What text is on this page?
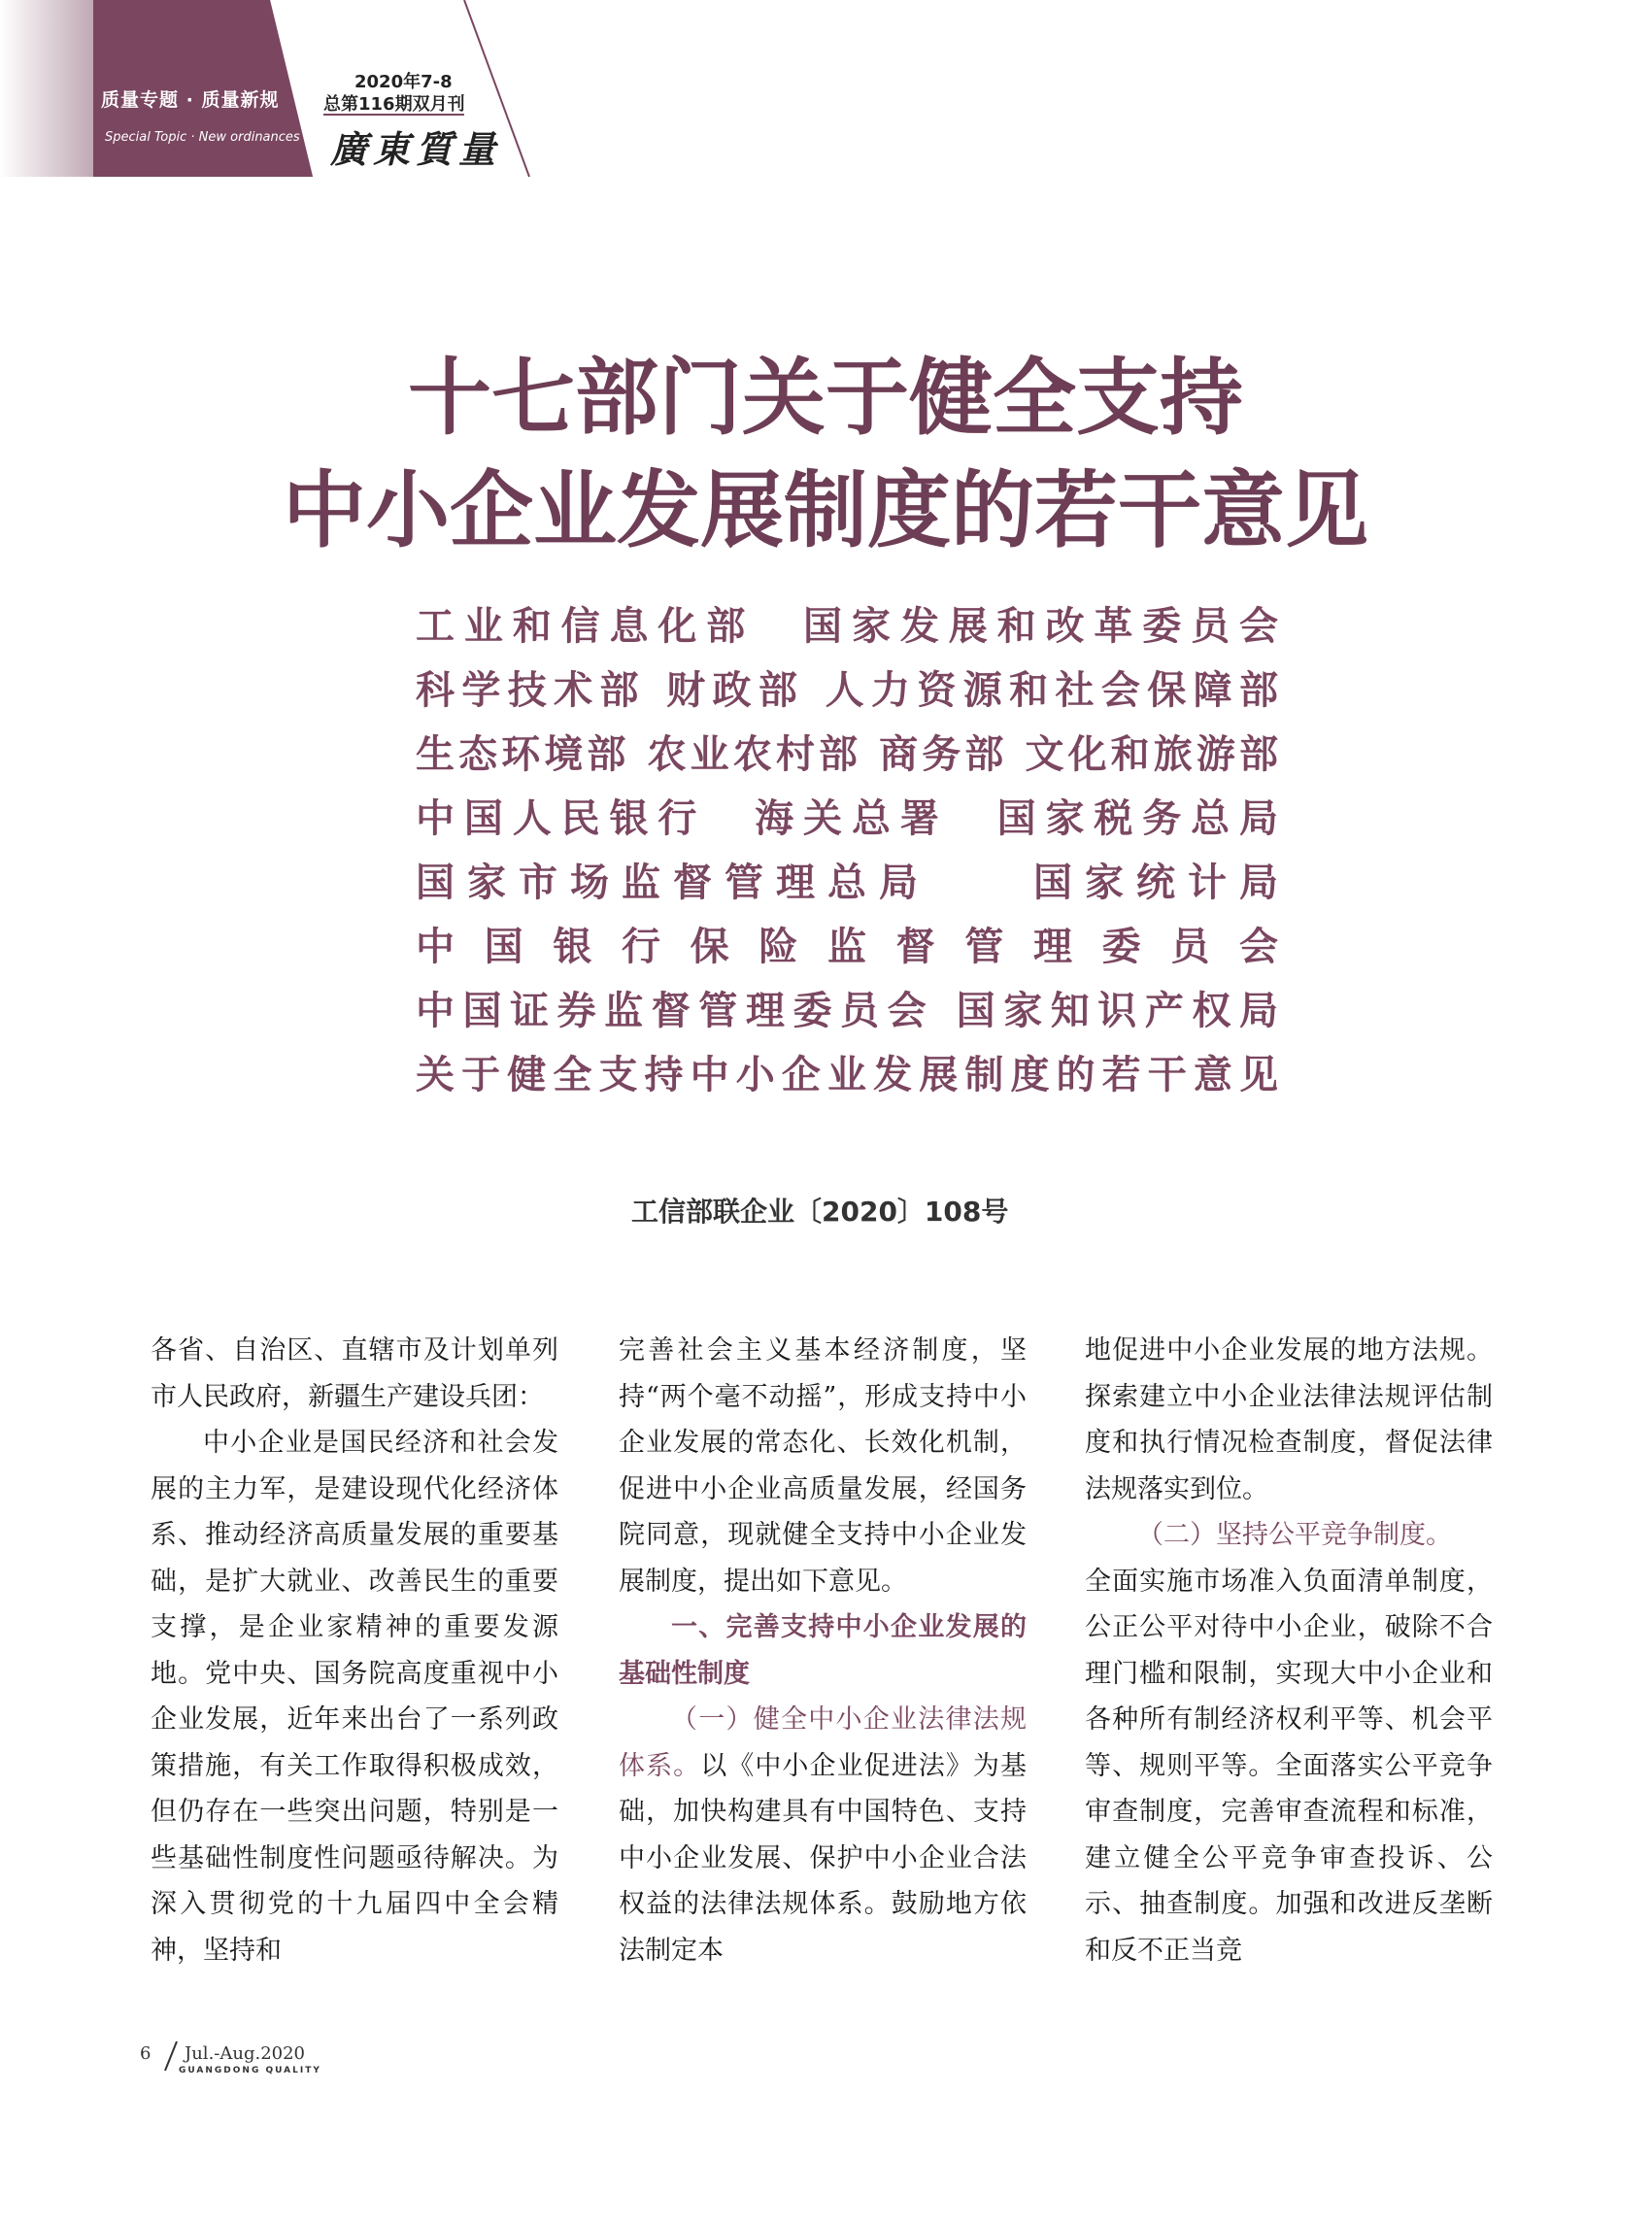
质量专题 · 质量新规
Special Topic · New ordinances
2020年7-8
总第116期双月刊
廣東質量
十七部门关于健全支持
中小企业发展制度的若干意见
工业和信息化部　国家发展和改革委员会
科学技术部 财政部 人力资源和社会保障部
生态环境部 农业农村部 商务部 文化和旅游部
中国人民银行　海关总署　国家税务总局
国家市场监督管理总局　　国家统计局
中国银行保险监督管理委员会
中国证券监督管理委员会 国家知识产权局
关于健全支持中小企业发展制度的若干意见
工信部联企业〔2020〕108号

各省、自治区、直辖市及计划单列市人民政府，新疆生产建设兵团：

中小企业是国民经济和社会发展的主力军，是建设现代化经济体系、推动经济高质量发展的重要基础，是扩大就业、改善民生的重要支撑，是企业家精神的重要发源地。党中央、国务院高度重视中小企业发展，近年来出台了一系列政策措施，有关工作取得积极成效，但仍存在一些突出问题，特别是一些基础性制度性问题亟待解决。为深入贯彻党的十九届四中全会精神，坚持和

完善社会主义基本经济制度，坚持“两个毫不动摇”，形成支持中小企业发展的常态化、长效化机制，促进中小企业高质量发展，经国务院同意，现就健全支持中小企业发展制度，提出如下意见。

一、完善支持中小企业发展的基础性制度

（一）健全中小企业法律法规体系。以《中小企业促进法》为基础，加快构建具有中国特色、支持中小企业发展、保护中小企业合法权益的法律法规体系。鼓励地方依法制定本

地促进中小企业发展的地方法规。探索建立中小企业法律法规评估制度和执行情况检查制度，督促法律法规落实到位。

（二）坚持公平竞争制度。

全面实施市场准入负面清单制度，公正公平对待中小企业，破除不合理门槛和限制，实现大中小企业和各种所有制经济权利平等、机会平等、规则平等。全面落实公平竞争审查制度，完善审查流程和标准，建立健全公平竞争审查投诉、公示、抽查制度。加强和改进反垄断和反不正当竞

6 Jul.-Aug.2020
GUANGDONG QUALITY
